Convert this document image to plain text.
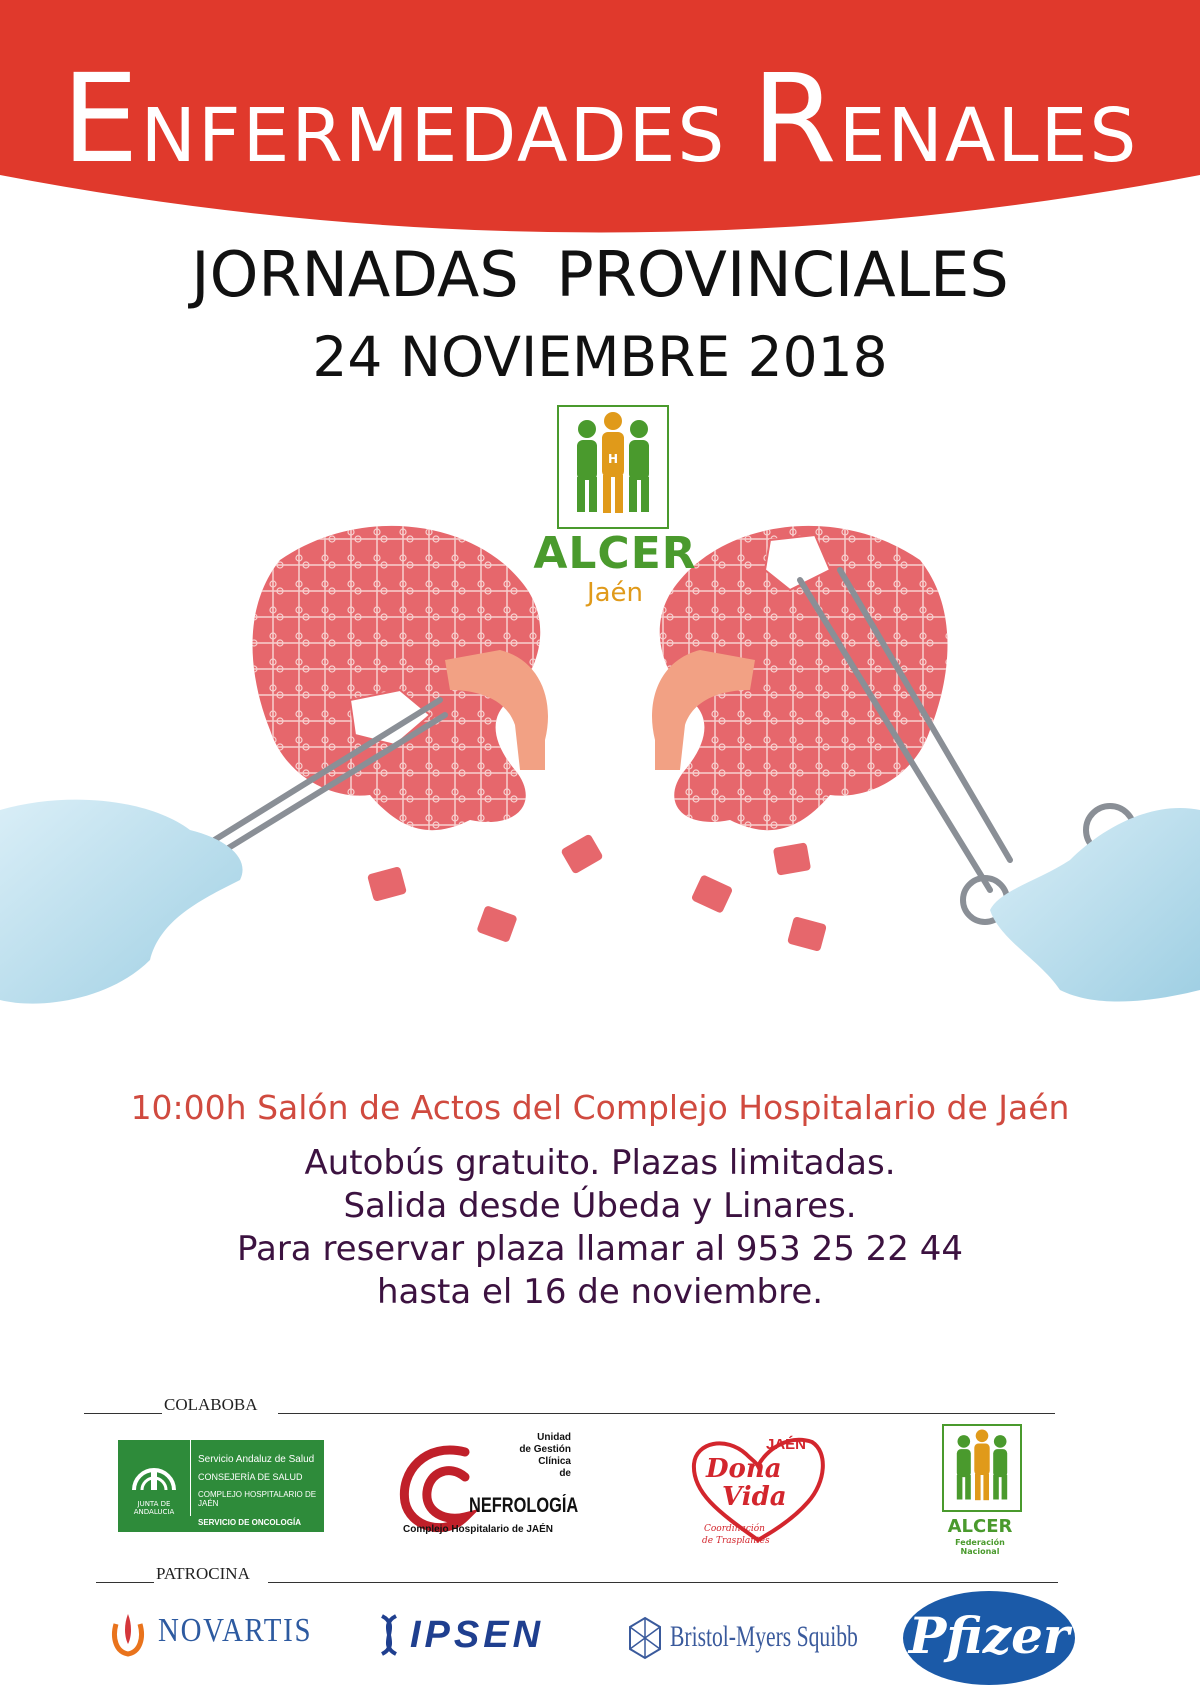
ENFERMEDADES RENALES
JORNADAS PROVINCIALES
24 NOVIEMBRE 2018
H
ALCER
Jaén
10:00h Salón de Actos del Complejo Hospitalario de Jaén
Autobús gratuito. Plazas limitadas.
Salida desde Úbeda y Linares.
Para reservar plaza llamar al 953 25 22 44
hasta el 16 de noviembre.
COLABOBA
JUNTA DE ANDALUCIA
Servicio Andaluz de Salud
CONSEJERÍA DE SALUD
COMPLEJO HOSPITALARIO DE JAÉN
SERVICIO DE ONCOLOGÍA
Unidad
de Gestión
Clínica
de
NEFROLOGÍA
Complejo Hospitalario de JAÉN
JAÉN
Dona
Vida
Coordinación
de Trasplantes
ALCER
Federación Nacional
PATROCINA
NOVARTIS	IPSEN	Bristol-Myers Squibb Pfizer
